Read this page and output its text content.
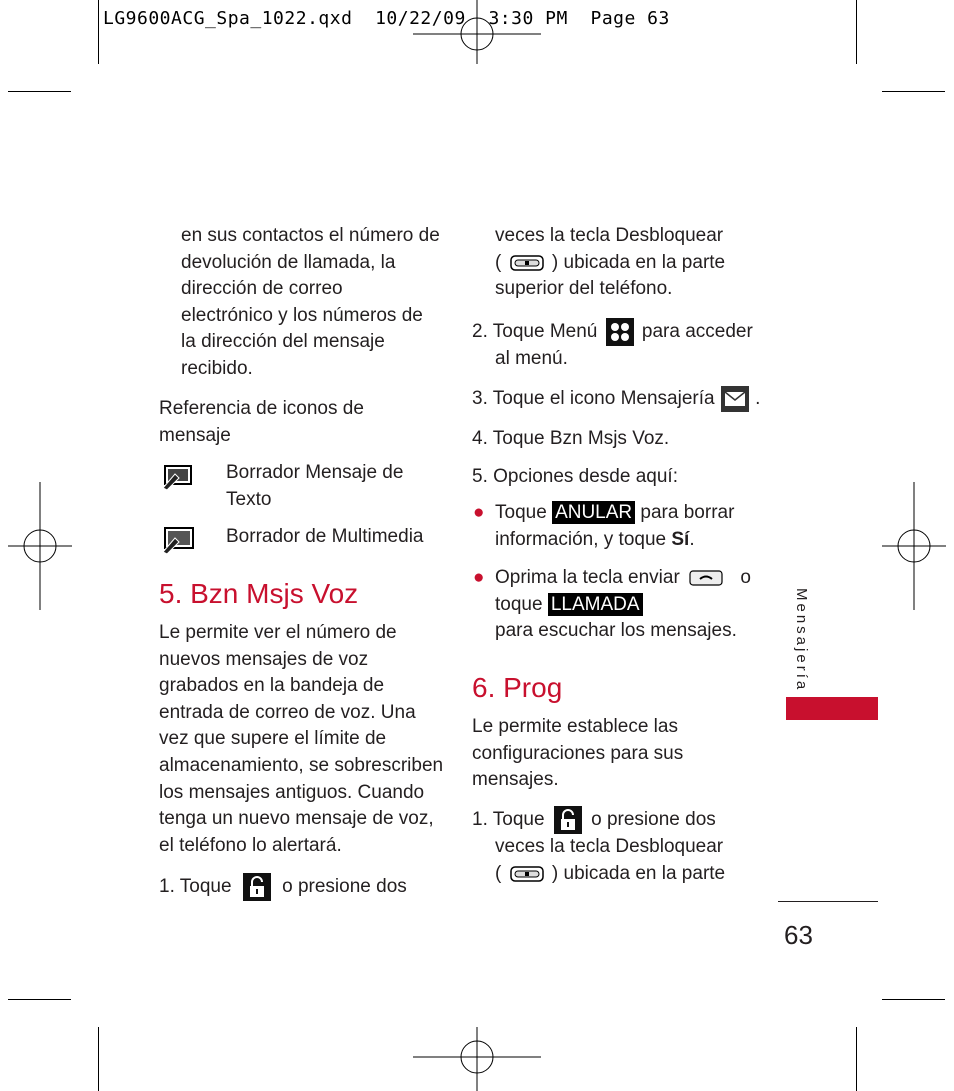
LG9600ACG_Spa_1022.qxd  10/22/09  3:30 PM  Page 63

en sus contactos el número de

devolución de llamada, la

dirección de correo

electrónico y los números de

la dirección del mensaje

recibido.

Referencia de iconos de

mensaje

Borrador Mensaje de

Texto

Borrador de Multimedia

5. Bzn Msjs Voz

Le permite ver el número de

nuevos mensajes de voz

grabados en la bandeja de

entrada de correo de voz. Una

vez que supere el límite de

almacenamiento, se sobrescriben

los mensajes antiguos. Cuando

tenga un nuevo mensaje de voz,

el teléfono lo alertará.

1. Toque	o presione dos

veces la tecla Desbloquear

(	) ubicada en la parte

superior del teléfono.

2. Toque Menú para acceder

al menú.

3. Toque el icono Mensajería .
4. Toque Bzn Msjs Voz.

5. Opciones desde aquí:

● Toque ANULAR para borrar

información, y toque Sí.

● Oprima la tecla enviar	o

toque LLAMADA

para escuchar los mensajes.

6. Prog

Le permite establece las

configuraciones para sus

mensajes.

1. Toque o presione dos

veces la tecla Desbloquear

(	) ubicada en la parte

Mensajería
63
